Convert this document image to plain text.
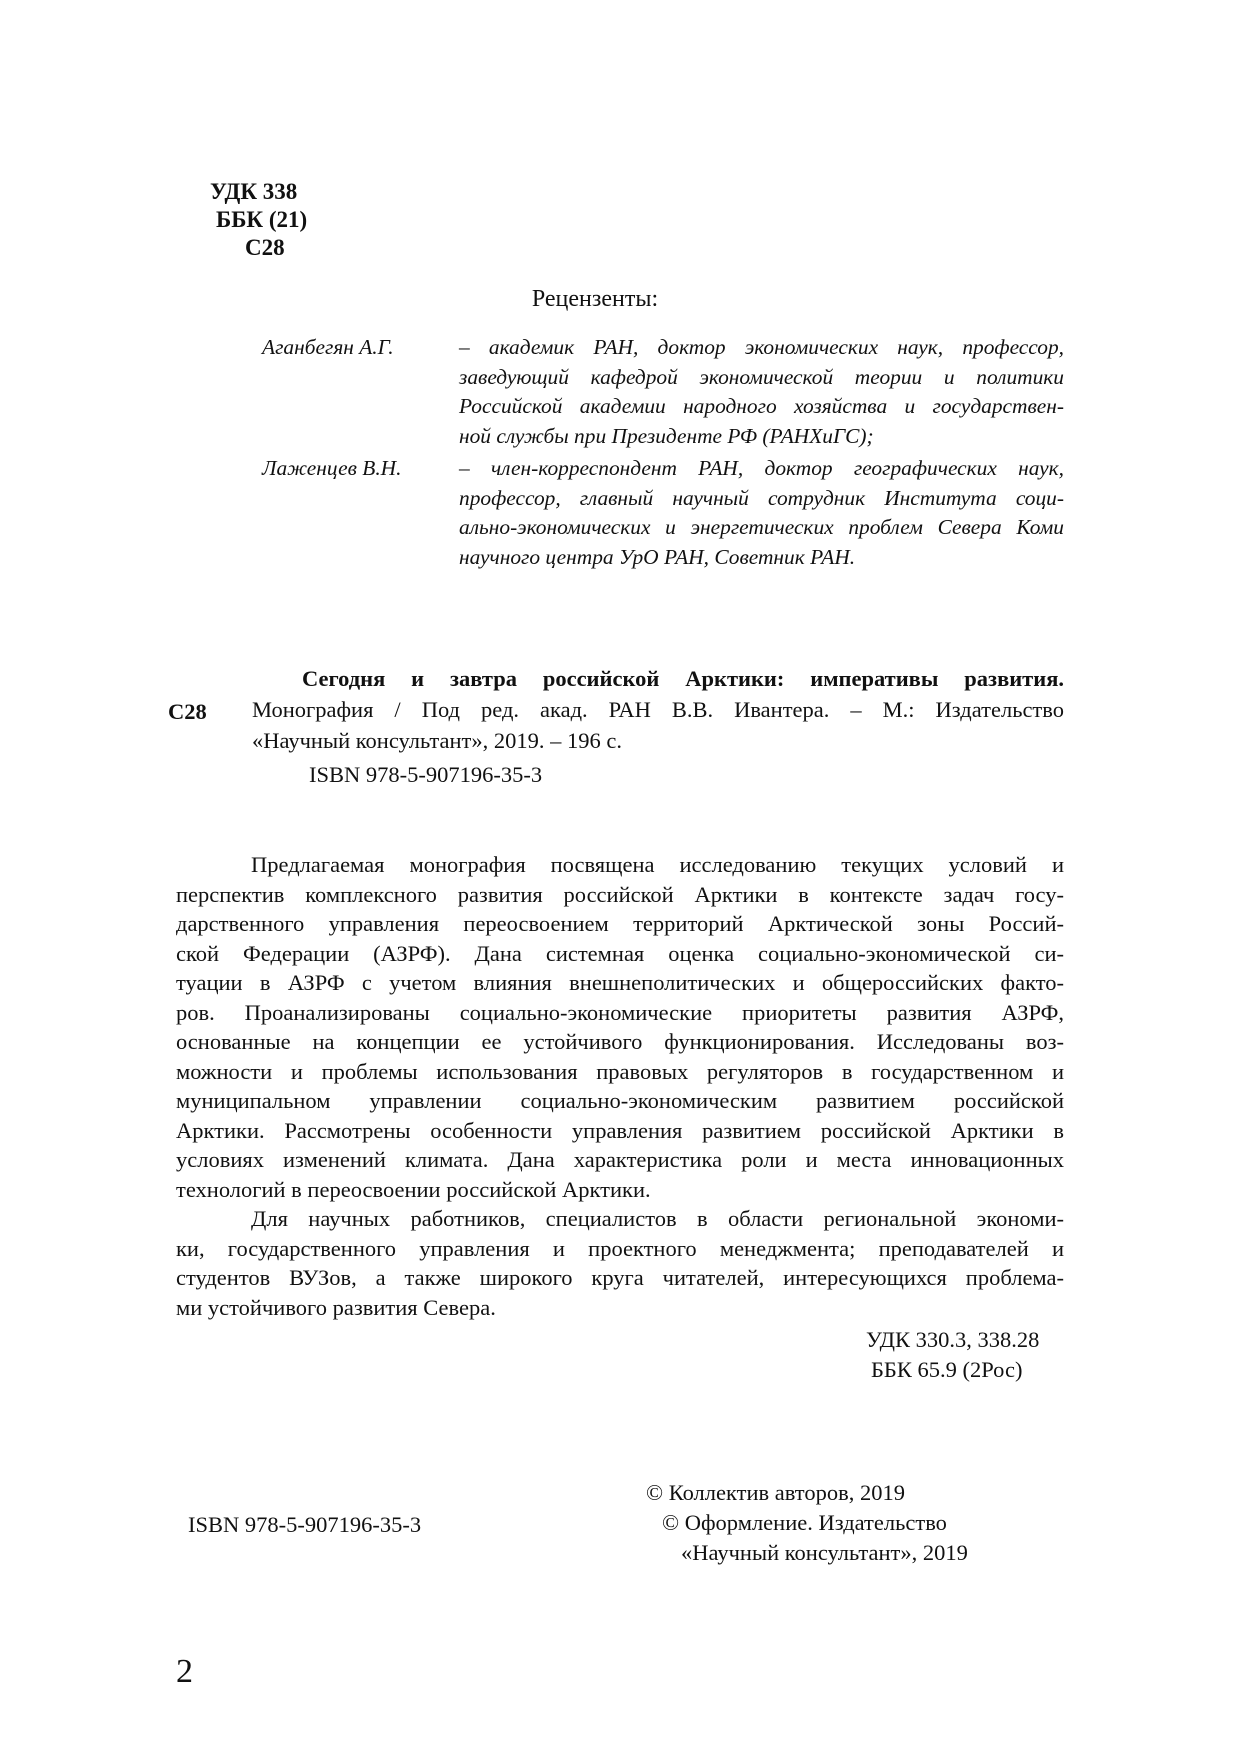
УДК 338
ББК (21)
С28
Рецензенты:
Аганбегян А.Г.	– академик РАН, доктор экономических наук, профессор,
заведующий кафедрой экономической теории и политики
Российской академии народного хозяйства и государствен-
ной службы при Президенте РФ (РАНХиГС);
Лаженцев В.Н.	– член-корреспондент РАН, доктор географических наук,
профессор, главный научный сотрудник Института соци-
ально-экономических и энергетических проблем Севера Коми
научного центра УрО РАН, Советник РАН.
С28
Сегодня и завтра российской Арктики: императивы развития.
Монография / Под ред. акад. РАН В.В. Ивантера. – М.: Издательство
«Научный консультант», 2019. – 196 с.
ISBN 978-5-907196-35-3
Предлагаемая монография посвящена исследованию текущих условий и
перспектив комплексного развития российской Арктики в контексте задач госу-
дарственного управления переосвоением территорий Арктической зоны Россий-
ской Федерации (АЗРФ). Дана системная оценка социально-экономической си-
туации в АЗРФ с учетом влияния внешнеполитических и общероссийских факто-
ров. Проанализированы социально-экономические приоритеты развития АЗРФ,
основанные на концепции ее устойчивого функционирования. Исследованы воз-
можности и проблемы использования правовых регуляторов в государственном и
муниципальном управлении социально-экономическим развитием российской
Арктики. Рассмотрены особенности управления развитием российской Арктики в
условиях изменений климата. Дана характеристика роли и места инновационных
технологий в переосвоении российской Арктики.
Для научных работников, специалистов в области региональной экономи-
ки, государственного управления и проектного менеджмента; преподавателей и
студентов ВУЗов, а также широкого круга читателей, интересующихся проблема-
ми устойчивого развития Севера.
УДК 330.3, 338.28
ББК 65.9 (2Рос)
ISBN 978-5-907196-35-3
© Коллектив авторов, 2019
© Оформление. Издательство
«Научный консультант», 2019
2
